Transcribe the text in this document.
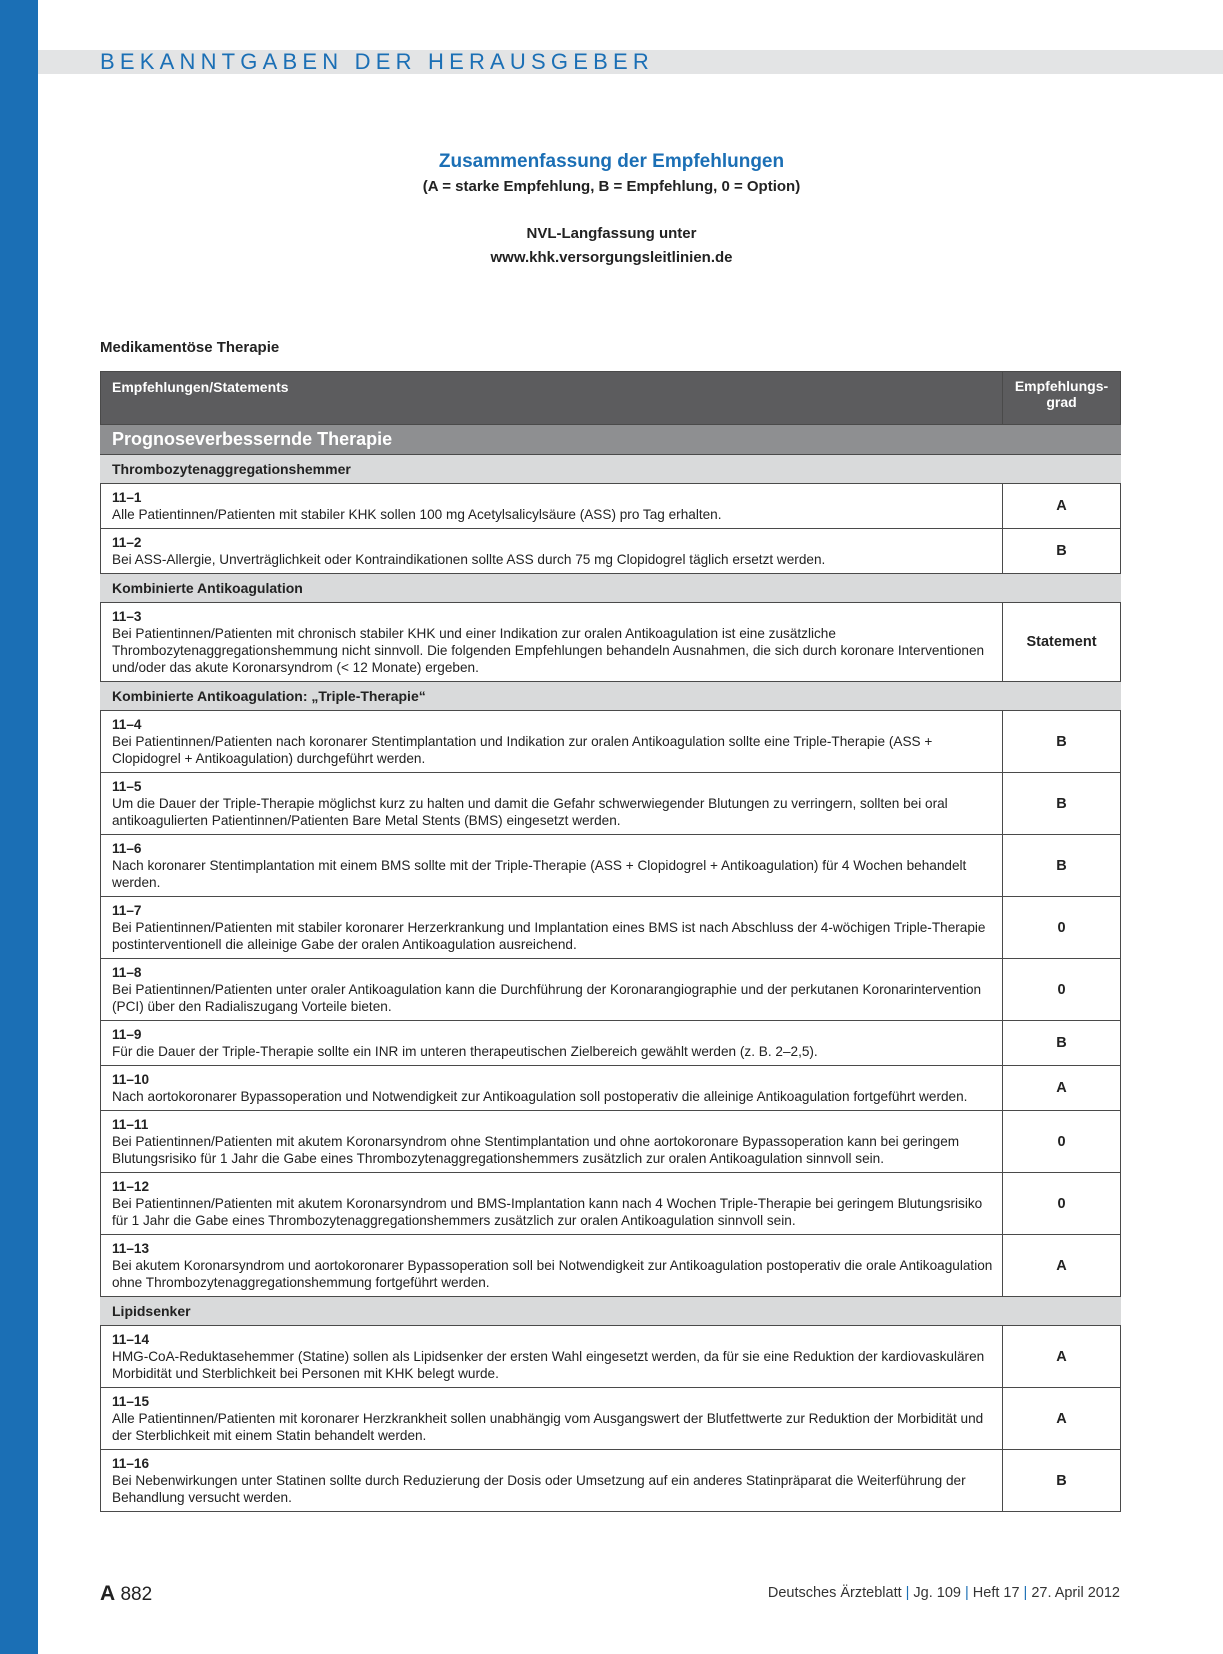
BEKANNTGABEN DER HERAUSGEBER
Zusammenfassung der Empfehlungen
(A = starke Empfehlung, B = Empfehlung, 0 = Option)
NVL-Langfassung unter
www.khk.versorgungsleitlinien.de
Medikamentöse Therapie
Empfehlungen/Statements	Empfehlungs-
grad
Prognoseverbessernde Therapie	
Thrombozytenaggregationshemmer	

11–1
Alle Patientinnen/Patienten mit stabiler KHK sollen 100 mg Acetylsalicylsäure (ASS) pro Tag erhalten.	A

11–2
Bei ASS-Allergie, Unverträglichkeit oder Kontraindikationen sollte ASS durch 75 mg Clopidogrel täglich ersetzt werden.	B
Kombinierte Antikoagulation	

11–3
Bei Patientinnen/Patienten mit chronisch stabiler KHK und einer Indikation zur oralen Antikoagulation ist eine zusätzliche Thrombozytenaggregationshemmung nicht sinnvoll. Die folgenden Empfehlungen behandeln Ausnahmen, die sich durch koronare Interventionen und/oder das akute Koronarsyndrom (< 12 Monate) ergeben.	Statement
Kombinierte Antikoagulation: „Triple-Therapie“	

11–4
Bei Patientinnen/Patienten nach koronarer Stentimplantation und Indikation zur oralen Antikoagulation sollte eine Triple-Therapie (ASS + Clopidogrel + Antikoagulation) durchgeführt werden.	B

11–5
Um die Dauer der Triple-Therapie möglichst kurz zu halten und damit die Gefahr schwerwiegender Blutungen zu verringern, sollten bei oral antikoagulierten Patientinnen/Patienten Bare Metal Stents (BMS) eingesetzt werden.	B

11–6
Nach koronarer Stentimplantation mit einem BMS sollte mit der Triple-Therapie (ASS + Clopidogrel + Antikoagulation) für 4 Wochen behandelt werden.	B

11–7
Bei Patientinnen/Patienten mit stabiler koronarer Herzerkrankung und Implantation eines BMS ist nach Abschluss der 4-wöchigen Triple-Therapie postinterventionell die alleinige Gabe der oralen Antikoagulation ausreichend.	0

11–8
Bei Patientinnen/Patienten unter oraler Antikoagulation kann die Durchführung der Koronarangiographie und der perkutanen Koronarintervention (PCI) über den Radialiszugang Vorteile bieten.	0

11–9
Für die Dauer der Triple-Therapie sollte ein INR im unteren therapeutischen Zielbereich gewählt werden (z. B. 2–2,5).	B

11–10
Nach aortokoronarer Bypassoperation und Notwendigkeit zur Antikoagulation soll postoperativ die alleinige Antikoagulation fortgeführt werden.	A

11–11
Bei Patientinnen/Patienten mit akutem Koronarsyndrom ohne Stentimplantation und ohne aortokoronare Bypassoperation kann bei geringem Blutungsrisiko für 1 Jahr die Gabe eines Thrombozytenaggregationshemmers zusätzlich zur oralen Antikoagulation sinnvoll sein.	0

11–12
Bei Patientinnen/Patienten mit akutem Koronarsyndrom und BMS-Implantation kann nach 4 Wochen Triple-Therapie bei geringem Blutungsrisiko für 1 Jahr die Gabe eines Thrombozytenaggregationshemmers zusätzlich zur oralen Antikoagulation sinnvoll sein.	0

11–13
Bei akutem Koronarsyndrom und aortokoronarer Bypassoperation soll bei Notwendigkeit zur Antikoagulation postoperativ die orale Antikoagulation ohne Thrombozytenaggregationshemmung fortgeführt werden.	A
Lipidsenker	

11–14
HMG-CoA-Reduktasehemmer (Statine) sollen als Lipidsenker der ersten Wahl eingesetzt werden, da für sie eine Reduktion der kardiovaskulären Morbidität und Sterblichkeit bei Personen mit KHK belegt wurde.	A

11–15
Alle Patientinnen/Patienten mit koronarer Herzkrankheit sollen unabhängig vom Ausgangswert der Blutfettwerte zur Reduktion der Morbidität und der Sterblichkeit mit einem Statin behandelt werden.	A

11–16
Bei Nebenwirkungen unter Statinen sollte durch Reduzierung der Dosis oder Umsetzung auf ein anderes Statinpräparat die Weiterführung der Behandlung versucht werden.	B
A 882	Deutsches Ärzteblatt | Jg. 109 | Heft 17 | 27. April 2012
